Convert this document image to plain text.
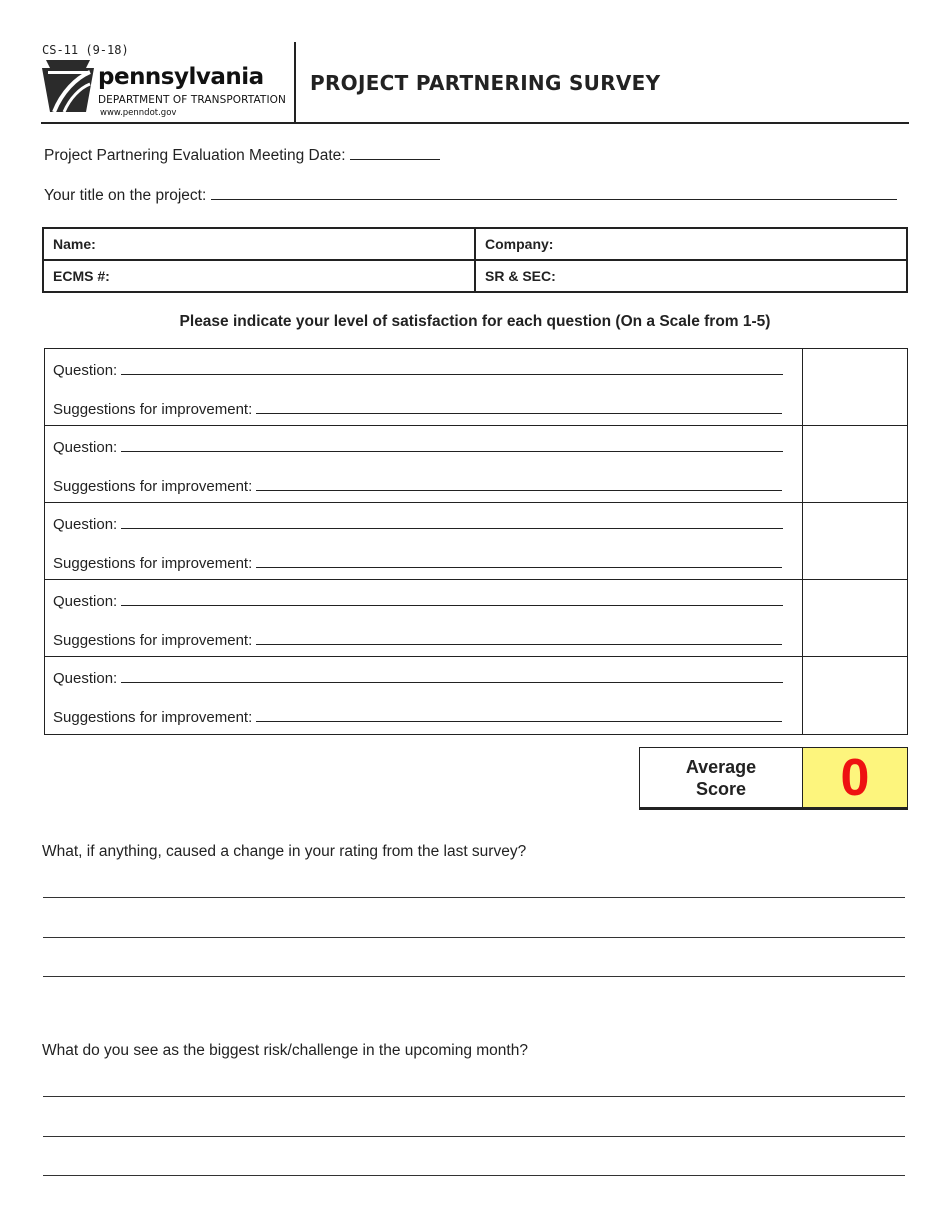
CS-11 (9-18)
pennsylvania
DEPARTMENT OF TRANSPORTATION
www.penndot.gov
PROJECT PARTNERING SURVEY
Project Partnering Evaluation Meeting Date:
Your title on the project:
Name:	Company:
ECMS #:	SR & SEC:
Please indicate your level of satisfaction for each question (On a Scale from 1-5)
Question:
Suggestions for improvement:
Question:
Suggestions for improvement:
Question:
Suggestions for improvement:
Question:
Suggestions for improvement:
Question:
Suggestions for improvement:
Average
Score	0
What, if anything, caused a change in your rating from the last survey?
What do you see as the biggest risk/challenge in the upcoming month?
